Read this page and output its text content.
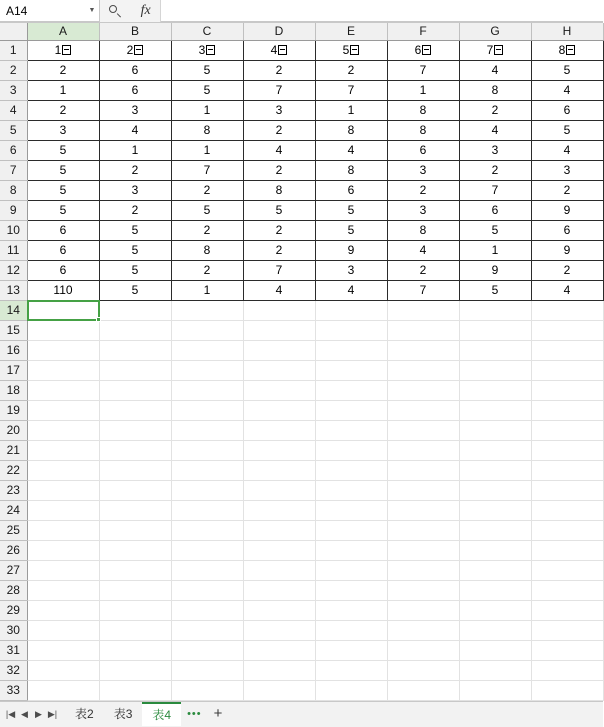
A14	▼	fx
	A	B	C	D	E	F	G	H
1	1	2	3	4	5	6	7	8
2	2	6	5	2	2	7	4	5
3	1	6	5	7	7	1	8	4
4	2	3	1	3	1	8	2	6
5	3	4	8	2	8	8	4	5
6	5	1	1	4	4	6	3	4
7	5	2	7	2	8	3	2	3
8	5	3	2	8	6	2	7	2
9	5	2	5	5	5	3	6	9
10	6	5	2	2	5	8	5	6
11	6	5	8	2	9	4	1	9
12	6	5	2	7	3	2	9	2
13	110	5	1	4	4	7	5	4
14								
15								
16								
17								
18								
19								
20								
21								
22								
23								
24								
25								
26								
27								
28								
29								
30								
31								
32								
33								
|◀ ◀ ▶ ▶|	表2	表3	表4	••• +
